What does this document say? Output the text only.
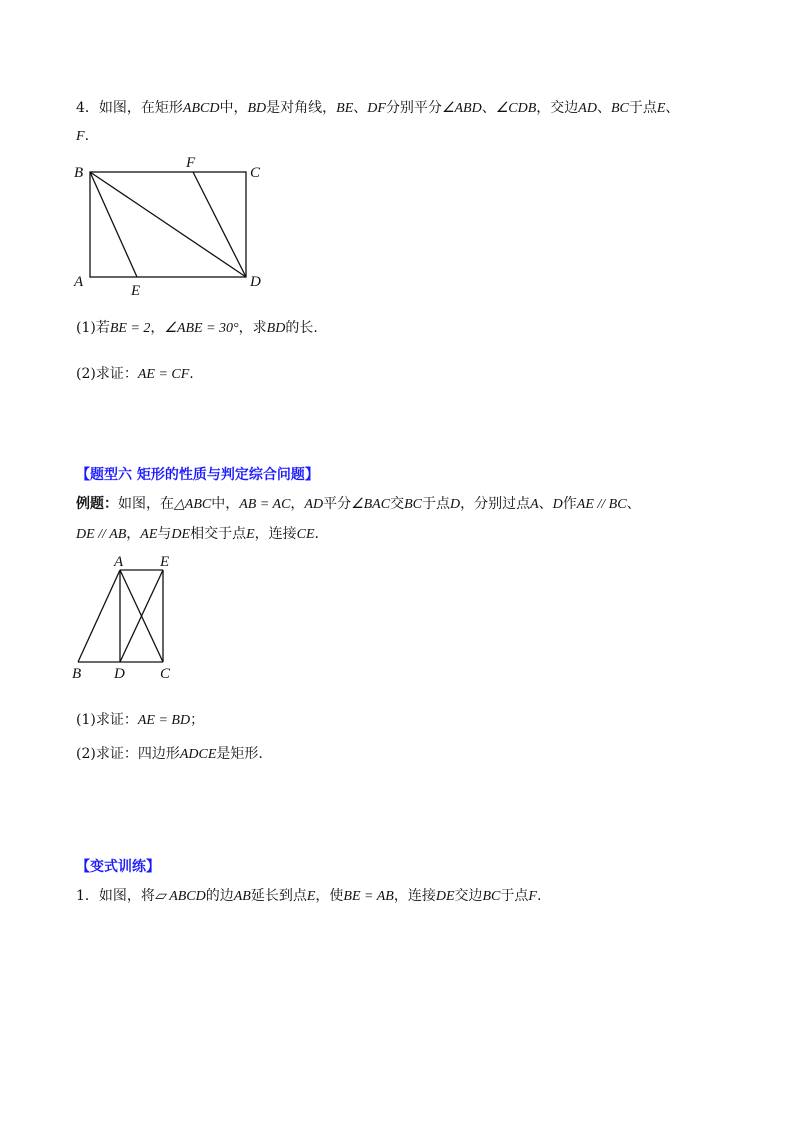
4．如图，在矩形ABCD中，BD是对角线，BE、DF分别平分∠ABD、∠CDB，交边AD、BC于点E、
F.
B
F
C
A
E
D
A E
B D C
(1)若BE = 2，∠ABE = 30°，求BD的长.
(2)求证：AE = CF.
【题型六 矩形的性质与判定综合问题】
例题：如图，在△ABC中，AB = AC，AD平分∠BAC交BC于点D，分别过点A、D作AE // BC、
DE // AB，AE与DE相交于点E，连接CE.
(1)求证：AE = BD；
(2)求证：四边形ADCE是矩形.
【变式训练】
1．如图，将▱ ABCD的边AB延长到点E，使BE = AB，连接DE交边BC于点F.
